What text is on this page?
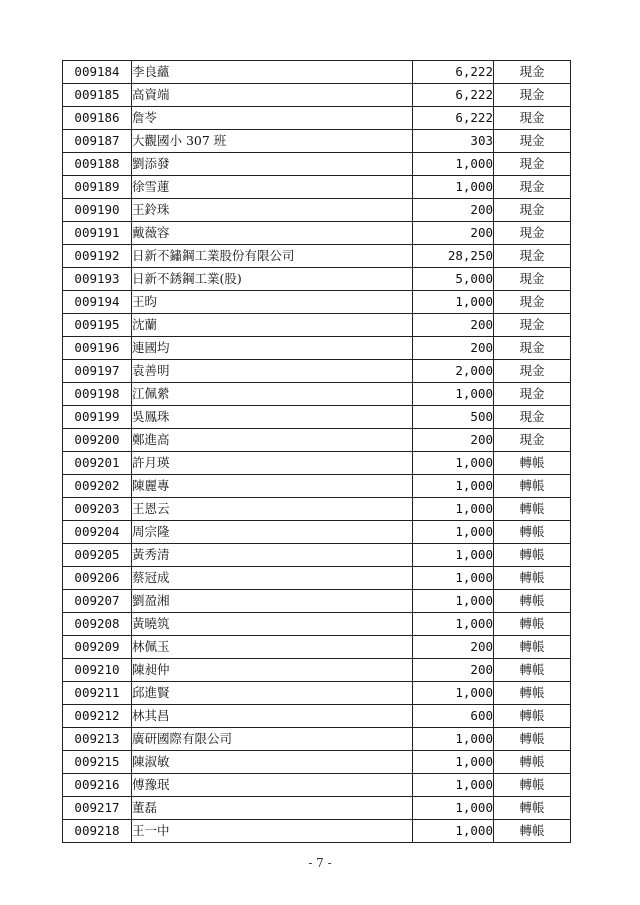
009184	李良蘊	6,222	現金
009185	高資端	6,222	現金
009186	詹苓	6,222	現金
009187	大觀國小 307 班	303	現金
009188	劉添發	1,000	現金
009189	徐雪蓮	1,000	現金
009190	王鈴珠	200	現金
009191	戴薇容	200	現金
009192	日新不鏽鋼工業股份有限公司	28,250	現金
009193	日新不銹鋼工業(股)	5,000	現金
009194	王昀	1,000	現金
009195	沈蘭	200	現金
009196	連國均	200	現金
009197	袁善明	2,000	現金
009198	江佩縈	1,000	現金
009199	吳鳳珠	500	現金
009200	鄭進高	200	現金
009201	許月瑛	1,000	轉帳
009202	陳麗專	1,000	轉帳
009203	王恩云	1,000	轉帳
009204	周宗隆	1,000	轉帳
009205	黃秀清	1,000	轉帳
009206	蔡冠成	1,000	轉帳
009207	劉盈湘	1,000	轉帳
009208	黃曉筑	1,000	轉帳
009209	林佩玉	200	轉帳
009210	陳昶仲	200	轉帳
009211	邱進賢	1,000	轉帳
009212	林其昌	600	轉帳
009213	廣研國際有限公司	1,000	轉帳
009215	陳淑敏	1,000	轉帳
009216	傅豫珉	1,000	轉帳
009217	董磊	1,000	轉帳
009218	王一中	1,000	轉帳
- 7 -
